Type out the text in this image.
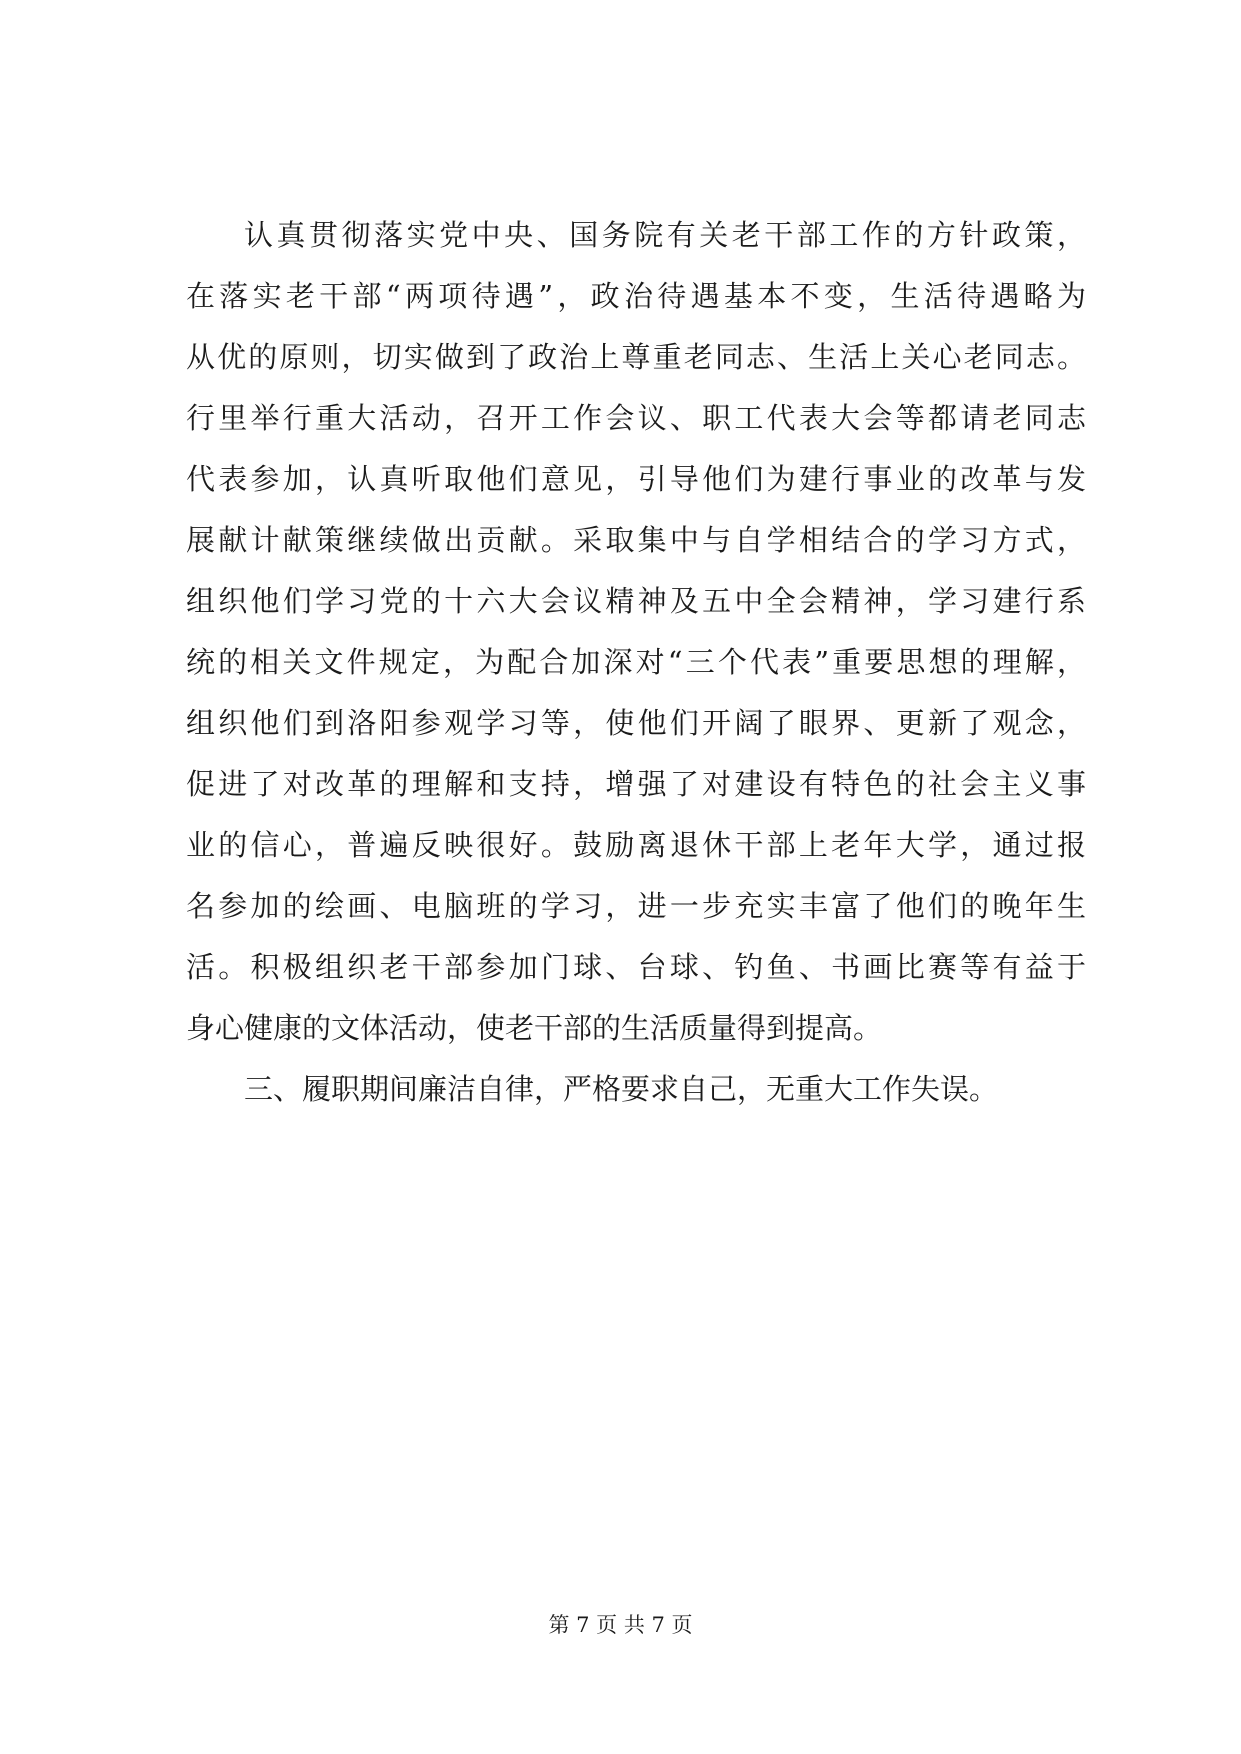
认真贯彻落实党中央、国务院有关老干部工作的方针政策，
在落实老干部“两项待遇”，政治待遇基本不变，生活待遇略为
从优的原则，切实做到了政治上尊重老同志、生活上关心老同志。
行里举行重大活动，召开工作会议、职工代表大会等都请老同志
代表参加，认真听取他们意见，引导他们为建行事业的改革与发
展献计献策继续做出贡献。采取集中与自学相结合的学习方式，
组织他们学习党的十六大会议精神及五中全会精神，学习建行系
统的相关文件规定，为配合加深对“三个代表”重要思想的理解，
组织他们到洛阳参观学习等，使他们开阔了眼界、更新了观念，
促进了对改革的理解和支持，增强了对建设有特色的社会主义事
业的信心，普遍反映很好。鼓励离退休干部上老年大学，通过报
名参加的绘画、电脑班的学习，进一步充实丰富了他们的晚年生
活。积极组织老干部参加门球、台球、钓鱼、书画比赛等有益于
身心健康的文体活动，使老干部的生活质量得到提高。
三、履职期间廉洁自律，严格要求自己，无重大工作失误。
第 7 页 共 7 页
